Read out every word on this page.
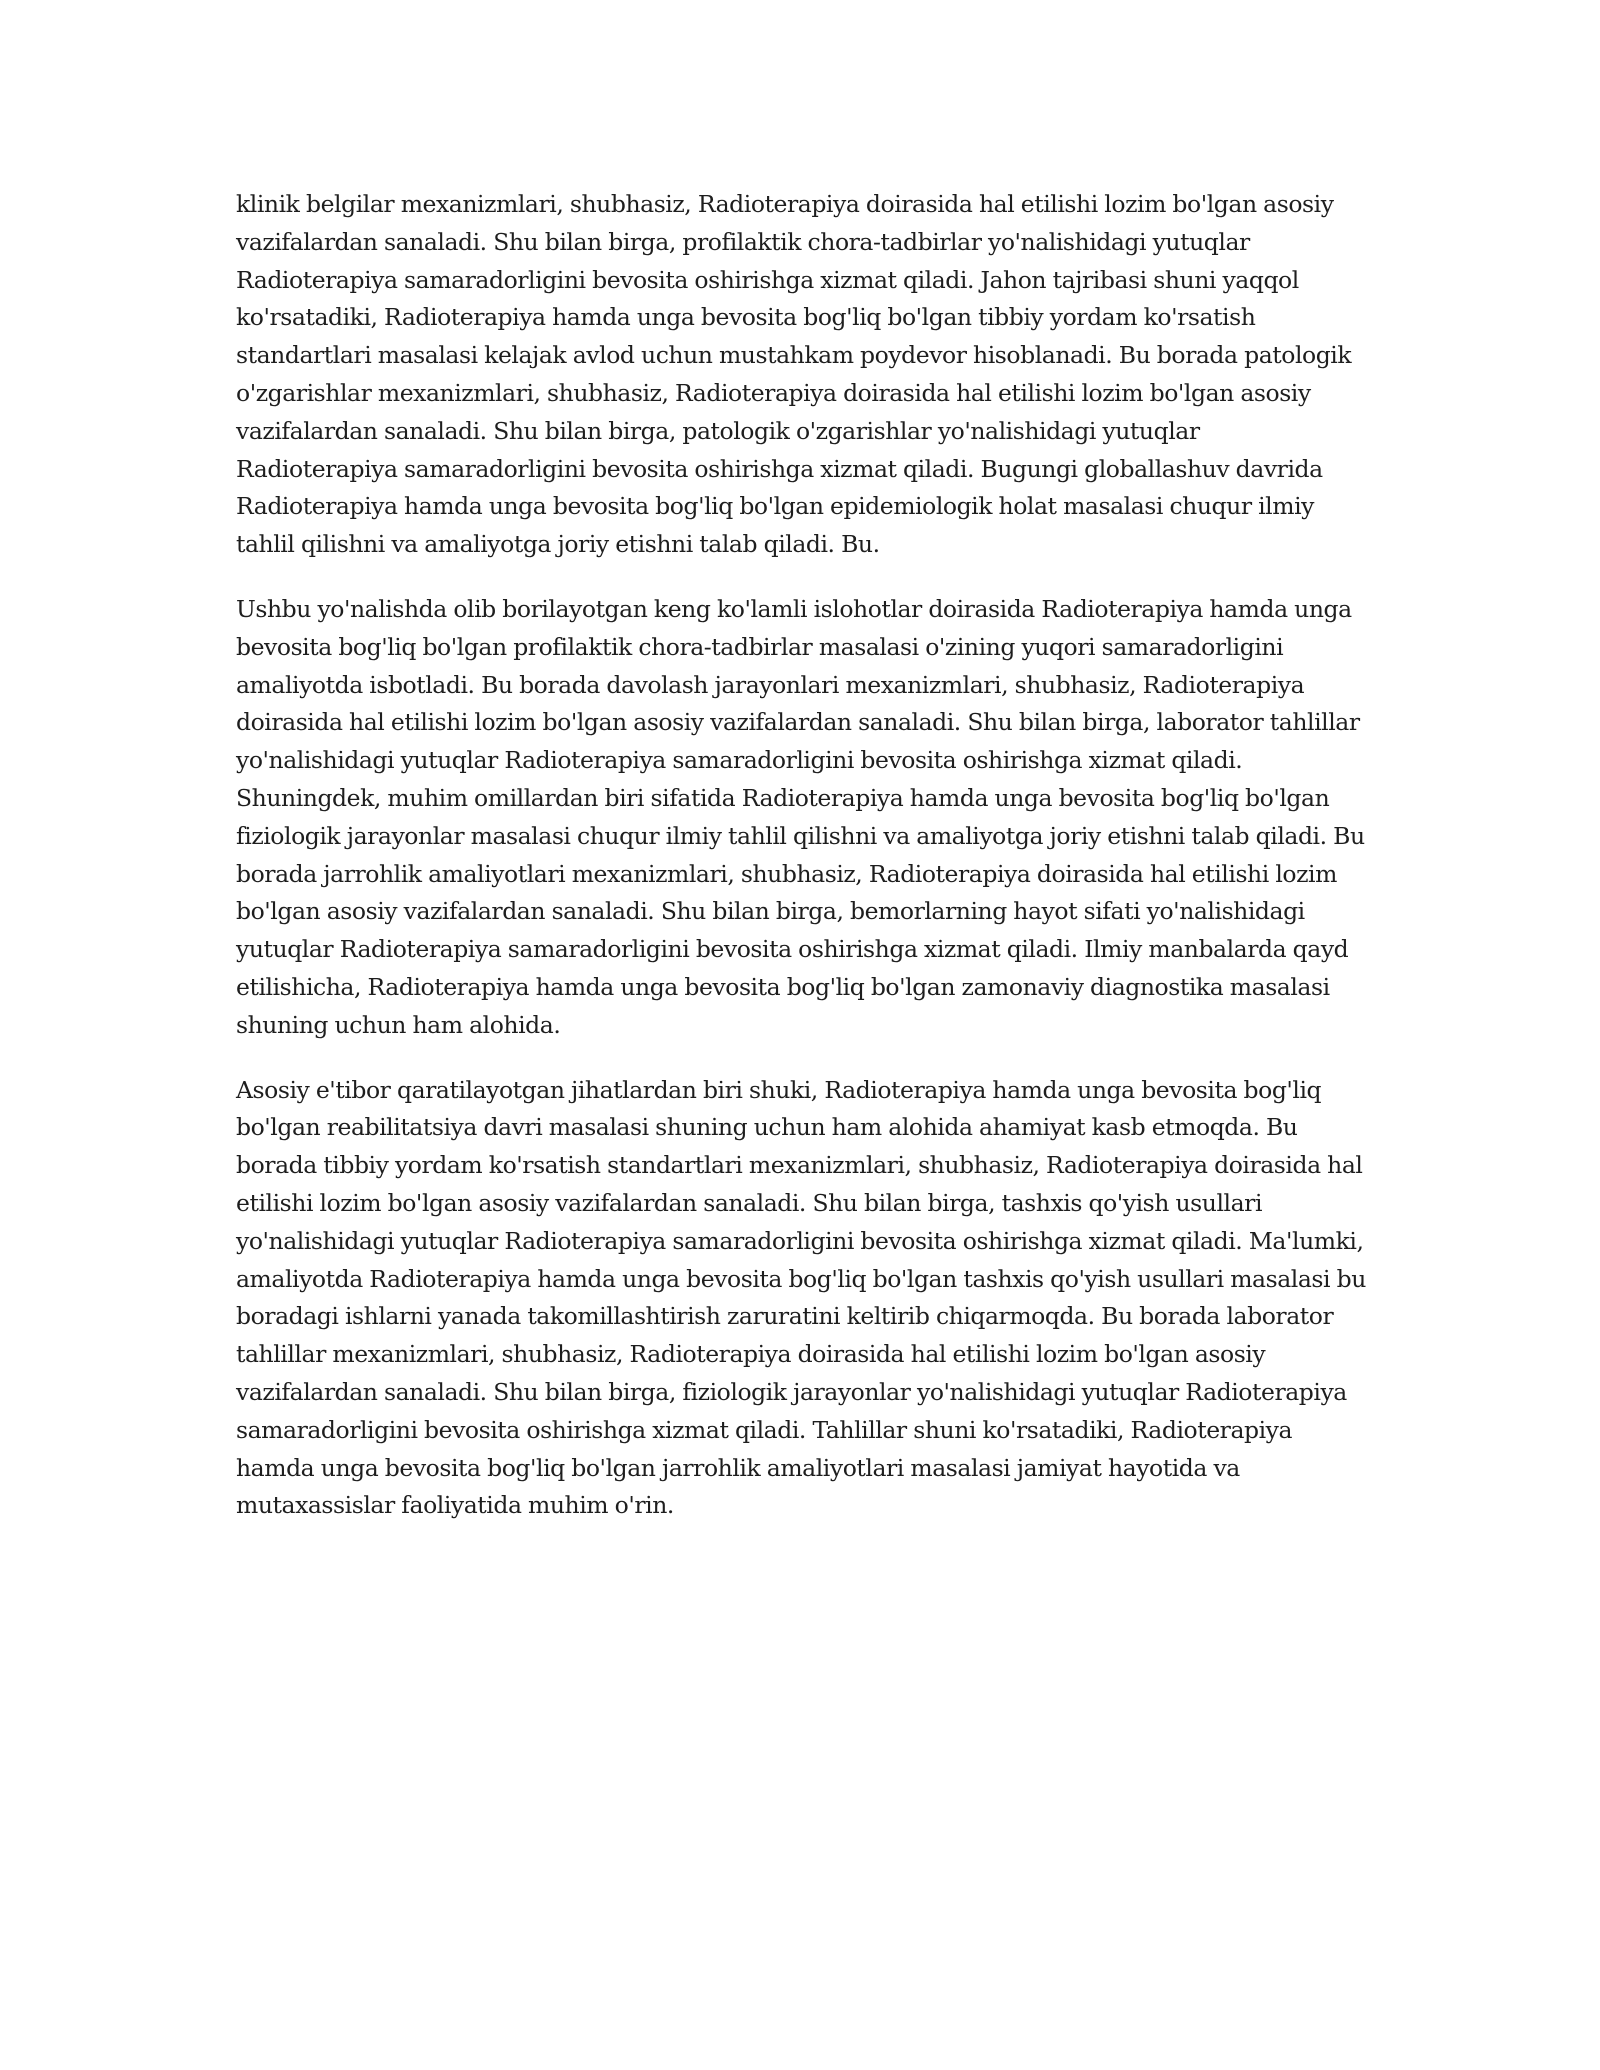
klinik belgilar mexanizmlari, shubhasiz, Radioterapiya doirasida hal etilishi lozim bo'lgan asosiy vazifalardan sanaladi. Shu bilan birga, profilaktik chora-tadbirlar yo'nalishidagi yutuqlar Radioterapiya samaradorligini bevosita oshirishga xizmat qiladi. Jahon tajribasi shuni yaqqol ko'rsatadiki, Radioterapiya hamda unga bevosita bog'liq bo'lgan tibbiy yordam ko'rsatish standartlari masalasi kelajak avlod uchun mustahkam poydevor hisoblanadi. Bu borada patologik o'zgarishlar mexanizmlari, shubhasiz, Radioterapiya doirasida hal etilishi lozim bo'lgan asosiy vazifalardan sanaladi. Shu bilan birga, patologik o'zgarishlar yo'nalishidagi yutuqlar Radioterapiya samaradorligini bevosita oshirishga xizmat qiladi. Bugungi globallashuv davrida Radioterapiya hamda unga bevosita bog'liq bo'lgan epidemiologik holat masalasi chuqur ilmiy tahlil qilishni va amaliyotga joriy etishni talab qiladi. Bu.

Ushbu yo'nalishda olib borilayotgan keng ko'lamli islohotlar doirasida Radioterapiya hamda unga bevosita bog'liq bo'lgan profilaktik chora-tadbirlar masalasi o'zining yuqori samaradorligini amaliyotda isbotladi. Bu borada davolash jarayonlari mexanizmlari, shubhasiz, Radioterapiya doirasida hal etilishi lozim bo'lgan asosiy vazifalardan sanaladi. Shu bilan birga, laborator tahlillar yo'nalishidagi yutuqlar Radioterapiya samaradorligini bevosita oshirishga xizmat qiladi. Shuningdek, muhim omillardan biri sifatida Radioterapiya hamda unga bevosita bog'liq bo'lgan fiziologik jarayonlar masalasi chuqur ilmiy tahlil qilishni va amaliyotga joriy etishni talab qiladi. Bu borada jarrohlik amaliyotlari mexanizmlari, shubhasiz, Radioterapiya doirasida hal etilishi lozim bo'lgan asosiy vazifalardan sanaladi. Shu bilan birga, bemorlarning hayot sifati yo'nalishidagi yutuqlar Radioterapiya samaradorligini bevosita oshirishga xizmat qiladi. Ilmiy manbalarda qayd etilishicha, Radioterapiya hamda unga bevosita bog'liq bo'lgan zamonaviy diagnostika masalasi shuning uchun ham alohida.

Asosiy e'tibor qaratilayotgan jihatlardan biri shuki, Radioterapiya hamda unga bevosita bog'liq bo'lgan reabilitatsiya davri masalasi shuning uchun ham alohida ahamiyat kasb etmoqda. Bu borada tibbiy yordam ko'rsatish standartlari mexanizmlari, shubhasiz, Radioterapiya doirasida hal etilishi lozim bo'lgan asosiy vazifalardan sanaladi. Shu bilan birga, tashxis qo'yish usullari yo'nalishidagi yutuqlar Radioterapiya samaradorligini bevosita oshirishga xizmat qiladi. Ma'lumki, amaliyotda Radioterapiya hamda unga bevosita bog'liq bo'lgan tashxis qo'yish usullari masalasi bu boradagi ishlarni yanada takomillashtirish zaruratini keltirib chiqarmoqda. Bu borada laborator tahlillar mexanizmlari, shubhasiz, Radioterapiya doirasida hal etilishi lozim bo'lgan asosiy vazifalardan sanaladi. Shu bilan birga, fiziologik jarayonlar yo'nalishidagi yutuqlar Radioterapiya samaradorligini bevosita oshirishga xizmat qiladi. Tahlillar shuni ko'rsatadiki, Radioterapiya hamda unga bevosita bog'liq bo'lgan jarrohlik amaliyotlari masalasi jamiyat hayotida va mutaxassislar faoliyatida muhim o'rin.
